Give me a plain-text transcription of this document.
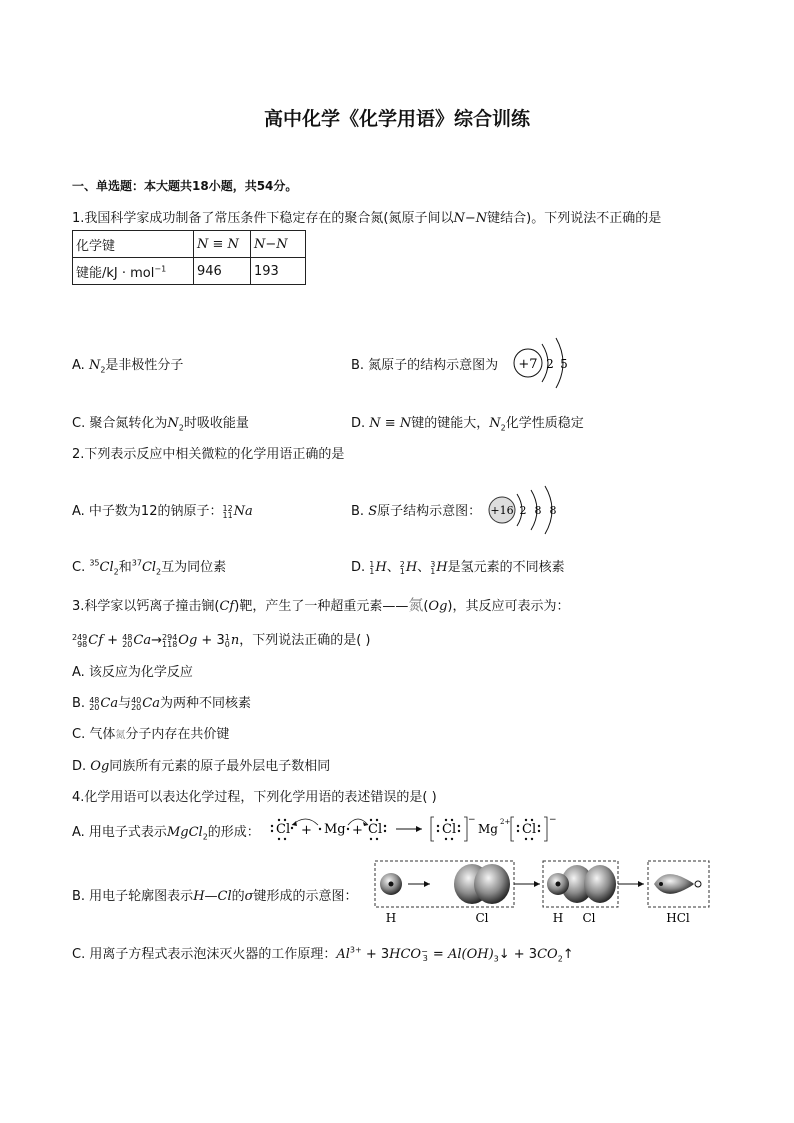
高中化学《化学用语》综合训练
一、单选题：本大题共18小题，共54分。
1.我国科学家成功制备了常压条件下稳定存在的聚合氮(氮原子间以N−N键结合)。下列说法不正确的是
化学键	N ≡ N	N−N
键能/kJ · mol$^{-1}$	946	193
A. $N_2$是非极性分子	B. 氮原子的结构示意图为 +7 2 5
C. 聚合氮转化为$N_2$时吸收能量	D. N ≡ N键的键能大，$N_2$化学性质稳定
2.下列表示反应中相关微粒的化学用语正确的是
A. 中子数为12的钠原子：12
11Na	B. S原子结构示意图： +16 2 8 8
C. $^{35}Cl_2$和$^{37}Cl_2$互为同位素	D. 1
1H、2
1H、3
1H是氢元素的不同核素
3.科学家以钙离子撞击锎(Cf)靶，产生了一种超重元素——氮(Og)，其反应可表示为：
249
98Cf + 48
20Ca→294
118Og + 31
0n，下列说法正确的是( )
A. 该反应为化学反应
B. 48
20Ca与40
20Ca为两种不同核素
C. 气体氮分子内存在共价键
D. Og同族所有元素的原子最外层电子数相同
4.化学用语可以表达化学过程，下列化学用语的表述错误的是( )
A. 用电子式表示MgCl$_2$的形成： Cl + Mg + Cl	Cl
−
Mg 2+ Cl
−
B. 用电子轮廓图表示H—Cl的σ键形成的示意图：
H	Cl	H Cl	HCl
C. 用离子方程式表示泡沫灭火器的工作原理：$Al^{3+} + 3HCO-$
$3 = Al(OH)_3↓$ + $3CO_2↑$
